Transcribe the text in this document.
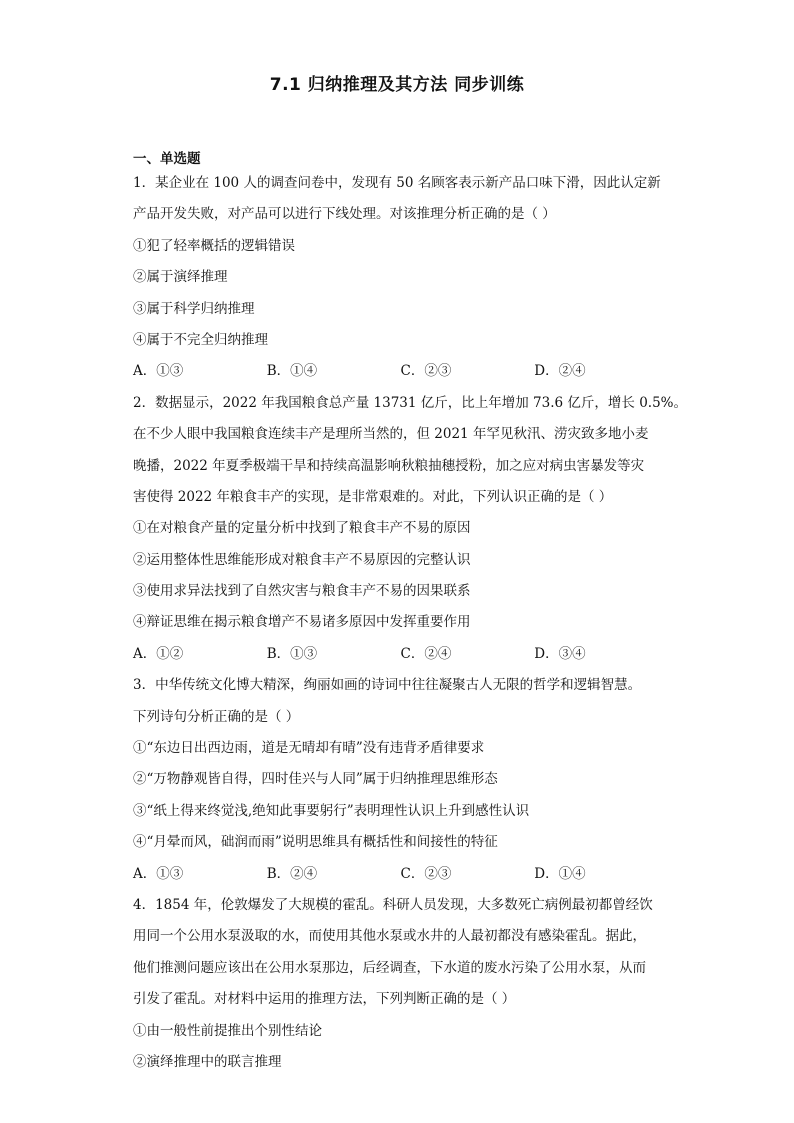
7.1 归纳推理及其方法 同步训练
一、单选题
1．某企业在 100 人的调查问卷中，发现有 50 名顾客表示新产品口味下滑，因此认定新
产品开发失败，对产品可以进行下线处理。对该推理分析正确的是（ ）
①犯了轻率概括的逻辑错误
②属于演绎推理
③属于科学归纳推理
④属于不完全归纳推理
A．①③	B．①④	C．②③	D．②④
2．数据显示，2022 年我国粮食总产量 13731 亿斤，比上年增加 73.6 亿斤，增长 0.5%。
在不少人眼中我国粮食连续丰产是理所当然的，但 2021 年罕见秋汛、涝灾致多地小麦
晚播，2022 年夏季极端干旱和持续高温影响秋粮抽穗授粉，加之应对病虫害暴发等灾
害使得 2022 年粮食丰产的实现，是非常艰难的。对此，下列认识正确的是（ ）
①在对粮食产量的定量分析中找到了粮食丰产不易的原因
②运用整体性思维能形成对粮食丰产不易原因的完整认识
③使用求异法找到了自然灾害与粮食丰产不易的因果联系
④辩证思维在揭示粮食增产不易诸多原因中发挥重要作用
A．①②	B．①③	C．②④	D．③④
3．中华传统文化博大精深，绚丽如画的诗词中往往凝聚古人无限的哲学和逻辑智慧。
下列诗句分析正确的是（ ）
①“东边日出西边雨，道是无晴却有晴”没有违背矛盾律要求
②“万物静观皆自得，四时佳兴与人同”属于归纳推理思维形态
③“纸上得来终觉浅,绝知此事要躬行”表明理性认识上升到感性认识
④“月晕而风，础润而雨”说明思维具有概括性和间接性的特征
A．①③	B．②④	C．②③	D．①④
4．1854 年，伦敦爆发了大规模的霍乱。科研人员发现，大多数死亡病例最初都曾经饮
用同一个公用水泵汲取的水，而使用其他水泵或水井的人最初都没有感染霍乱。据此，
他们推测问题应该出在公用水泵那边，后经调查，下水道的废水污染了公用水泵，从而
引发了霍乱。对材料中运用的推理方法，下列判断正确的是（ ）
①由一般性前提推出个别性结论
②演绎推理中的联言推理
